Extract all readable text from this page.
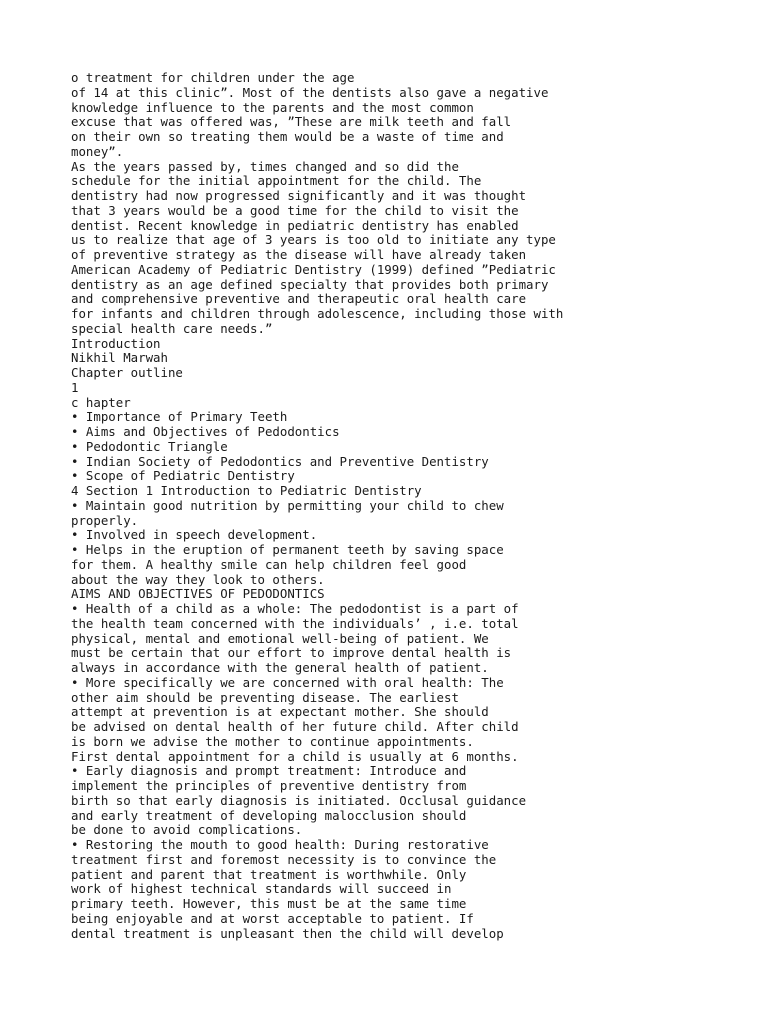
o treatment for children under the age
of 14 at this clinic”. Most of the dentists also gave a negative
knowledge influence to the parents and the most common
excuse that was offered was, ”These are milk teeth and fall
on their own so treating them would be a waste of time and
money”.
As the years passed by, times changed and so did the
schedule for the initial appointment for the child. The
dentistry had now progressed significantly and it was thought
that 3 years would be a good time for the child to visit the
dentist. Recent knowledge in pediatric dentistry has enabled
us to realize that age of 3 years is too old to initiate any type
of preventive strategy as the disease will have already taken
American Academy of Pediatric Dentistry (1999) defined ”Pediatric
dentistry as an age defined specialty that provides both primary
and comprehensive preventive and therapeutic oral health care
for infants and children through adolescence, including those with
special health care needs.”
Introduction
Nikhil Marwah
Chapter outline
1
c hapter
• Importance of Primary Teeth
• Aims and Objectives of Pedodontics
• Pedodontic Triangle
• Indian Society of Pedodontics and Preventive Dentistry
• Scope of Pediatric Dentistry
4 Section 1 Introduction to Pediatric Dentistry
• Maintain good nutrition by permitting your child to chew
properly.
• Involved in speech development.
• Helps in the eruption of permanent teeth by saving space
for them. A healthy smile can help children feel good
about the way they look to others.
AIMS AND OBJECTIVES OF PEDODONTICS
• Health of a child as a whole: The pedodontist is a part of
the health team concerned with the individuals’ , i.e. total
physical, mental and emotional well-being of patient. We
must be certain that our effort to improve dental health is
always in accordance with the general health of patient.
• More specifically we are concerned with oral health: The
other aim should be preventing disease. The earliest
attempt at prevention is at expectant mother. She should
be advised on dental health of her future child. After child
is born we advise the mother to continue appointments.
First dental appointment for a child is usually at 6 months.
• Early diagnosis and prompt treatment: Introduce and
implement the principles of preventive dentistry from
birth so that early diagnosis is initiated. Occlusal guidance
and early treatment of developing malocclusion should
be done to avoid complications.
• Restoring the mouth to good health: During restorative
treatment first and foremost necessity is to convince the
patient and parent that treatment is worthwhile. Only
work of highest technical standards will succeed in
primary teeth. However, this must be at the same time
being enjoyable and at worst acceptable to patient. If
dental treatment is unpleasant then the child will develop
